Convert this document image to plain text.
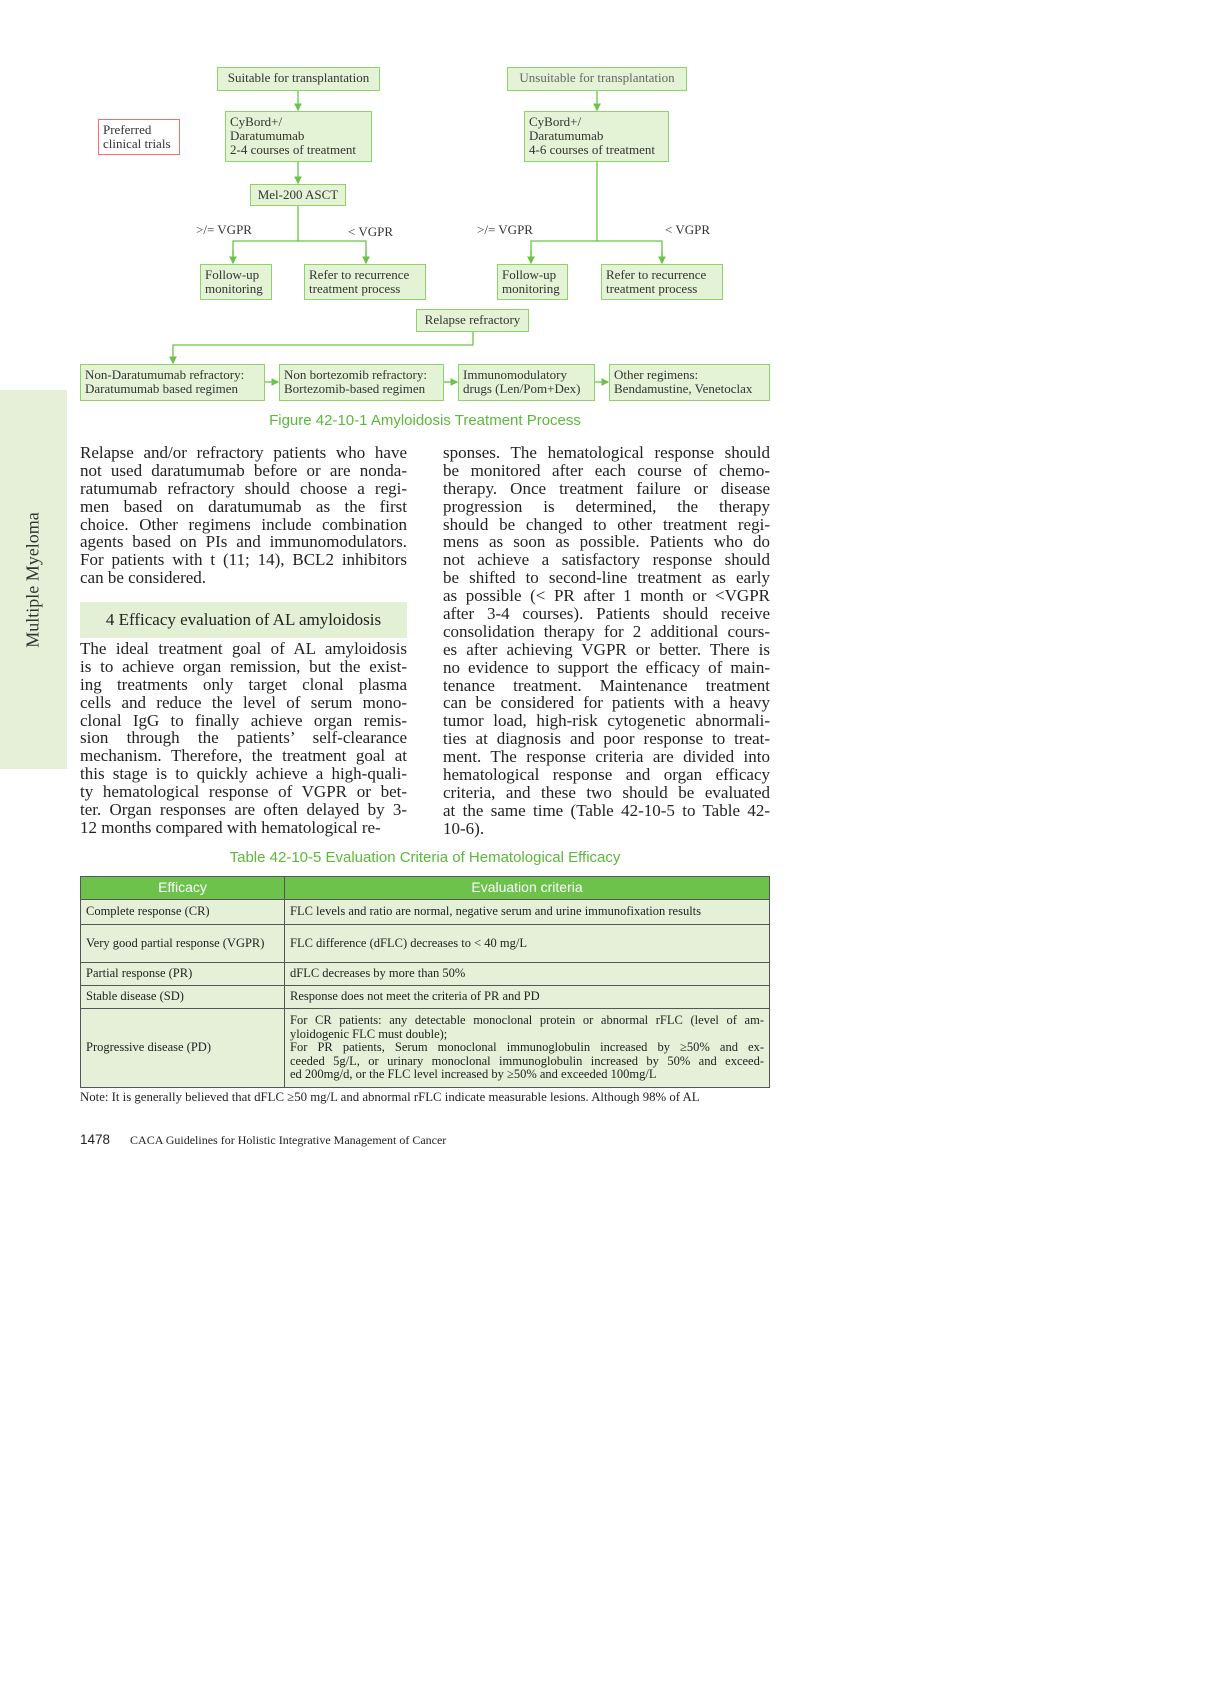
Multiple Myeloma
Suitable for transplantation	Unsuitable for transplantation
Preferred
clinical trials
CyBord+/
Daratumumab
2-4 courses of treatment
CyBord+/
Daratumumab
4-6 courses of treatment
Mel-200 ASCT
>/= VGPR	< VGPR	>/= VGPR	< VGPR
Follow-up
monitoring
Refer to recurrence
treatment process
Follow-up
monitoring
Refer to recurrence
treatment process
Relapse refractory
Non-Daratumumab refractory:
Daratumumab based regimen
Non bortezomib refractory:
Bortezomib-based regimen
Immunomodulatory
drugs (Len/Pom+Dex)
Other regimens:
Bendamustine, Venetoclax
Figure 42-10-1 Amyloidosis Treatment Process
Relapse and/or refractory patients who have
not used daratumumab before or are nonda-
ratumumab refractory should choose a regi-
men based on daratumumab as the first
choice. Other regimens include combination
agents based on PIs and immunomodulators.
For patients with t (11; 14), BCL2 inhibitors
can be considered.
4 Efficacy evaluation of AL amyloidosis
The ideal treatment goal of AL amyloidosis
is to achieve organ remission, but the exist-
ing treatments only target clonal plasma
cells and reduce the level of serum mono-
clonal IgG to finally achieve organ remis-
sion through the patients’ self-clearance
mechanism. Therefore, the treatment goal at
this stage is to quickly achieve a high-quali-
ty hematological response of VGPR or bet-
ter. Organ responses are often delayed by 3-
12 months compared with hematological re-
sponses. The hematological response should
be monitored after each course of chemo-
therapy. Once treatment failure or disease
progression is determined, the therapy
should be changed to other treatment regi-
mens as soon as possible. Patients who do
not achieve a satisfactory response should
be shifted to second-line treatment as early
as possible (< PR after 1 month or <VGPR
after 3-4 courses). Patients should receive
consolidation therapy for 2 additional cours-
es after achieving VGPR or better. There is
no evidence to support the efficacy of main-
tenance treatment. Maintenance treatment
can be considered for patients with a heavy
tumor load, high-risk cytogenetic abnormali-
ties at diagnosis and poor response to treat-
ment. The response criteria are divided into
hematological response and organ efficacy
criteria, and these two should be evaluated
at the same time (Table 42-10-5 to Table 42-
10-6).
Table 42-10-5 Evaluation Criteria of Hematological Efficacy
Efficacy	Evaluation criteria
Complete response (CR)	FLC levels and ratio are normal, negative serum and urine immunofixation results
Very good partial response (VGPR)	FLC difference (dFLC) decreases to < 40 mg/L
Partial response (PR)	dFLC decreases by more than 50%
Stable disease (SD)	Response does not meet the criteria of PR and PD
Progressive disease (PD)	For CR patients: any detectable monoclonal protein or abnormal rFLC (level of am-
yloidogenic FLC must double);
For PR patients, Serum monoclonal immunoglobulin increased by ≥50% and ex-
ceeded 5g/L, or urinary monoclonal immunoglobulin increased by 50% and exceed-
ed 200mg/d, or the FLC level increased by ≥50% and exceeded 100mg/L
Note: It is generally believed that dFLC ≥50 mg/L and abnormal rFLC indicate measurable lesions. Although 98% of AL
1478 CACA Guidelines for Holistic Integrative Management of Cancer
